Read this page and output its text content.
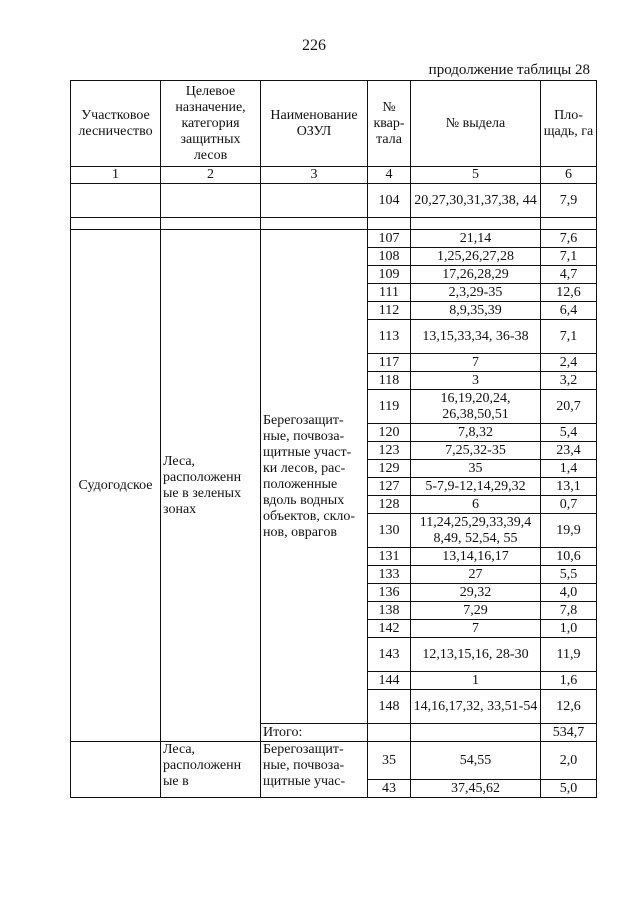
226
продолжение таблицы 28
Участковое лесничество	Целевое назначение, категория защитных лесов	Наименование ОЗУЛ	№ квар-тала	№ выдела	Пло-щадь, га
1	2	3	4	5	6
			104	20,27,30,31,37,38, 44	7,9

Судогодское	Леса, расположенн ые в зеленых зонах	Берегозащит-ные, почвоза-щитные участ-ки лесов, рас-положенные вдоль водных объектов, скло-нов, оврагов	107	21,14	7,6
			108	1,25,26,27,28	7,1
			109	17,26,28,29	4,7
			111	2,3,29-35	12,6
			112	8,9,35,39	6,4
			113	13,15,33,34, 36-38	7,1
			117	7	2,4
			118	3	3,2
			119	16,19,20,24, 26,38,50,51	20,7
			120	7,8,32	5,4
			123	7,25,32-35	23,4
			129	35	1,4
			127	5-7,9-12,14,29,32	13,1
			128	6	0,7
			130	11,24,25,29,33,39,4 8,49, 52,54, 55	19,9
			131	13,14,16,17	10,6
			133	27	5,5
			136	29,32	4,0
			138	7,29	7,8
			142	7	1,0
			143	12,13,15,16, 28-30	11,9
			144	1	1,6
			148	14,16,17,32, 33,51-54	12,6
		Итого:			534,7
	Леса, расположенн ые в	Берегозащит-ные, почвоза-щитные учас-	35	54,55	2,0
			43	37,45,62	5,0
